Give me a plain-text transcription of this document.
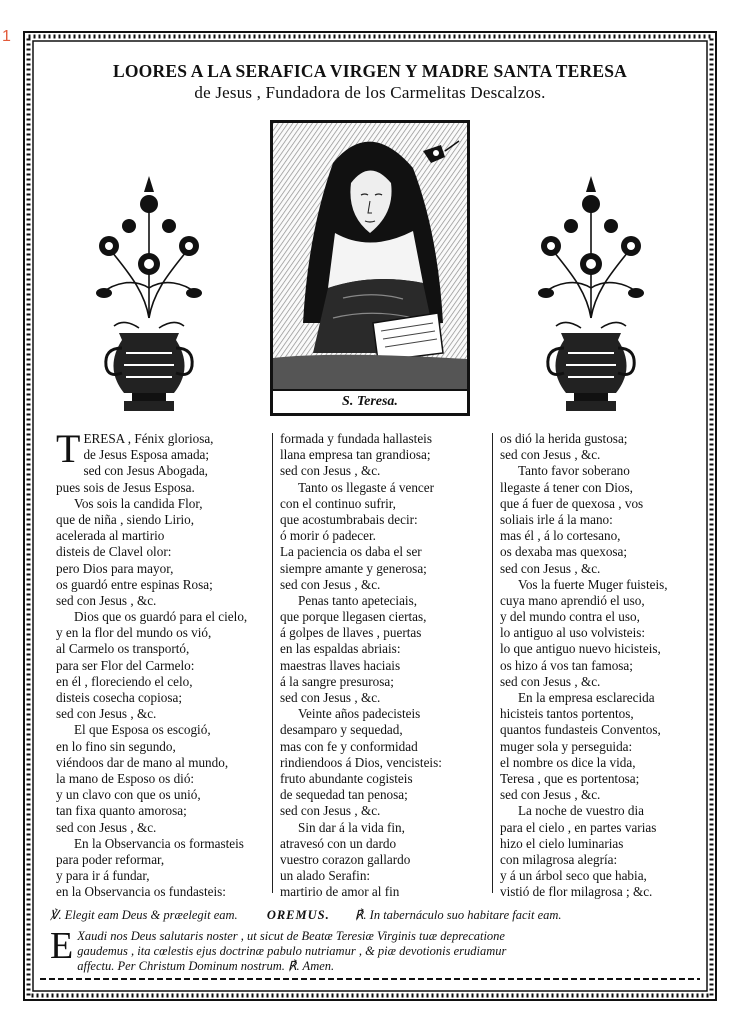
1
LOORES A LA SERAFICA VIRGEN Y MADRE SANTA TERESA
de Jesus , Fundadora de los Carmelitas Descalzos.
S. Teresa.
T ERESA , Fénix gloriosa,
de Jesus Esposa amada;
sed con Jesus Abogada,
pues sois de Jesus Esposa.
Vos sois la candida Flor,
que de niña , siendo Lirio,
acelerada al martirio
disteis de Clavel olor:
pero Dios para mayor,
os guardó entre espinas Rosa;
sed con Jesus , &c.
Dios que os guardó para el cielo,
y en la flor del mundo os vió,
al Carmelo os transportó,
para ser Flor del Carmelo:
en él , floreciendo el celo,
disteis cosecha copiosa;
sed con Jesus , &c.
El que Esposa os escogió,
en lo fino sin segundo,
viéndoos dar de mano al mundo,
la mano de Esposo os dió:
y un clavo con que os unió,
tan fixa quanto amorosa;
sed con Jesus , &c.
En la Observancia os formasteis
para poder reformar,
y para ir á fundar,
en la Observancia os fundasteis:
formada y fundada hallasteis
llana empresa tan grandiosa;
sed con Jesus , &c.
Tanto os llegaste á vencer
con el continuo sufrir,
que acostumbrabais decir:
ó morir ó padecer.
La paciencia os daba el ser
siempre amante y generosa;
sed con Jesus , &c.
Penas tanto apeteciais,
que porque llegasen ciertas,
á golpes de llaves , puertas
en las espaldas abriais:
maestras llaves haciais
á la sangre presurosa;
sed con Jesus , &c.
Veinte años padecisteis
desamparo y sequedad,
mas con fe y conformidad
rindiendoos á Dios, vencisteis:
fruto abundante cogisteis
de sequedad tan penosa;
sed con Jesus , &c.
Sin dar á la vida fin,
atravesó con un dardo
vuestro corazon gallardo
un alado Serafin:
martirio de amor al fin
os dió la herida gustosa;
sed con Jesus , &c.
Tanto favor soberano
llegaste á tener con Dios,
que á fuer de quexosa , vos
soliais irle á la mano:
mas él , á lo cortesano,
os dexaba mas quexosa;
sed con Jesus , &c.
Vos la fuerte Muger fuisteis,
cuya mano aprendió el uso,
y del mundo contra el uso,
lo antiguo al uso volvisteis:
lo que antiguo nuevo hicisteis,
os hizo á vos tan famosa;
sed con Jesus , &c.
En la empresa esclarecida
hicisteis tantos portentos,
quantos fundasteis Conventos,
muger sola y perseguida:
el nombre os dice la vida,
Teresa , que es portentosa;
sed con Jesus , &c.
La noche de vuestro dia
para el cielo , en partes varias
hizo el cielo luminarias
con milagrosa alegría:
y á un árbol seco que habia,
vistió de flor milagrosa ; &c.
℣. Elegit eam Deus & præelegit eam. OREMUS. ℟. In tabernáculo suo habitare facit eam.
E Xaudi nos Deus salutaris noster , ut sicut de Beatæ Teresiæ Virginis tuæ deprecatione
gaudemus , ita cœlestis ejus doctrinæ pabulo nutriamur , & piæ devotionis erudiamur
affectu. Per Christum Dominum nostrum. ℟. Amen.
